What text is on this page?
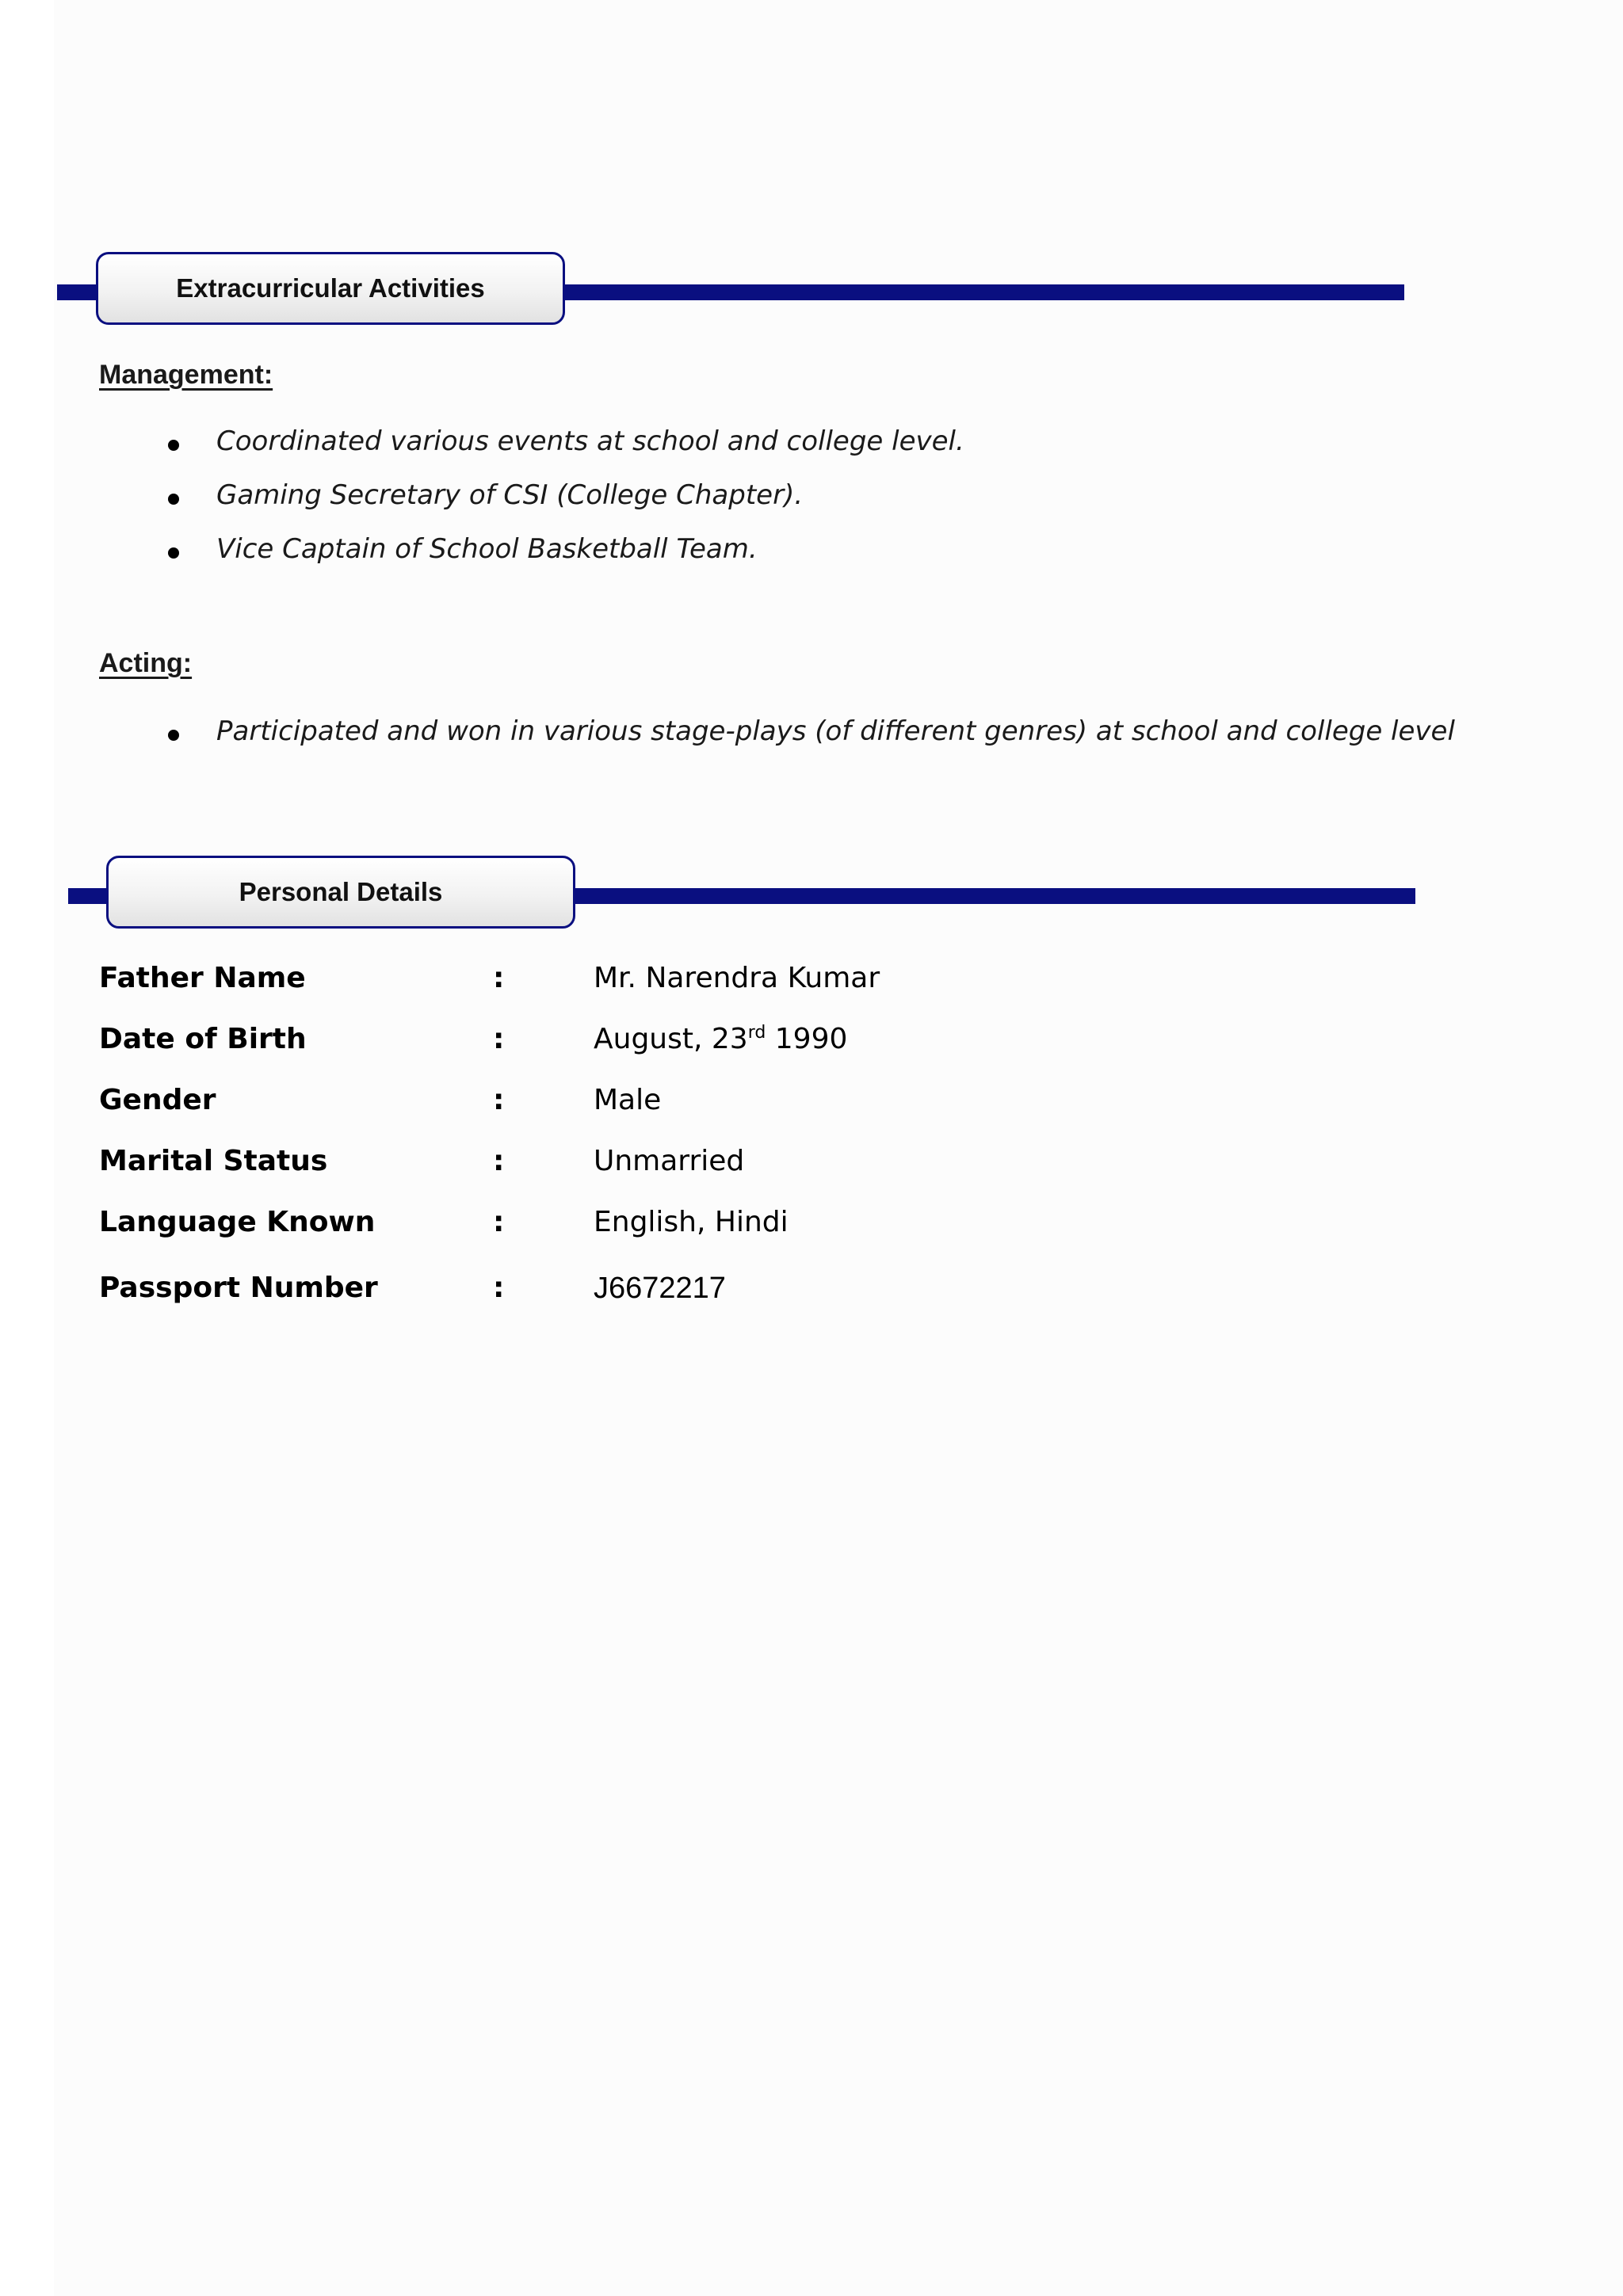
Extracurricular Activities
Management:
Coordinated various events at school and college level.
Gaming Secretary of CSI (College Chapter).
Vice Captain of School Basketball Team.
Acting:
Participated and won in various stage-plays (of different genres) at school and college level
Personal Details
Father Name	:	Mr. Narendra Kumar
Date of Birth	:	August, 23rd 1990
Gender	:	Male
Marital Status	:	Unmarried
Language Known	:	English, Hindi
Passport Number	:	J6672217
